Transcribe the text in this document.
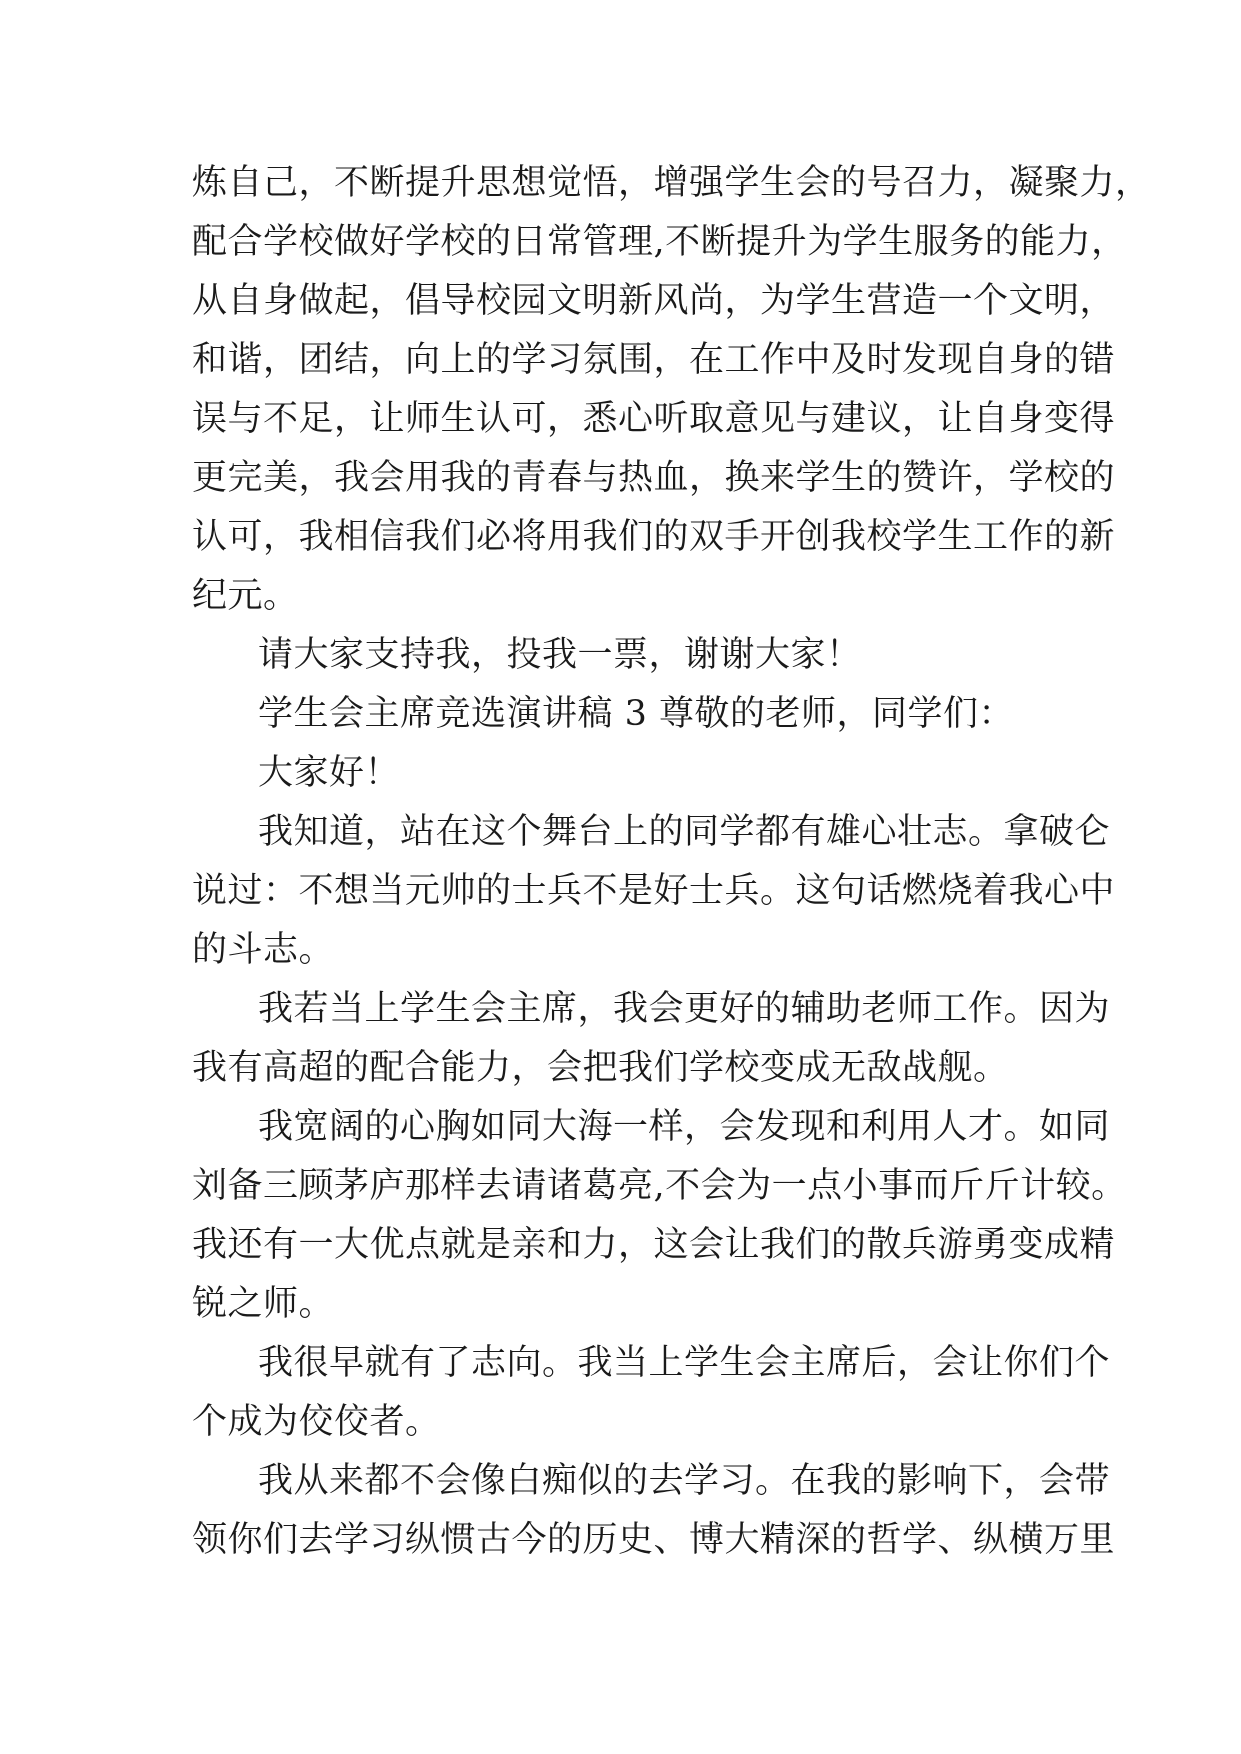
炼自己，不断提升思想觉悟，增强学生会的号召力，凝聚力，
配合学校做好学校的日常管理,不断提升为学生服务的能力，
从自身做起，倡导校园文明新风尚，为学生营造一个文明，
和谐，团结，向上的学习氛围，在工作中及时发现自身的错
误与不足，让师生认可，悉心听取意见与建议，让自身变得
更完美，我会用我的青春与热血，换来学生的赞许，学校的
认可，我相信我们必将用我们的双手开创我校学生工作的新
纪元。
请大家支持我，投我一票，谢谢大家！
学生会主席竞选演讲稿 3 尊敬的老师，同学们：
大家好！
我知道，站在这个舞台上的同学都有雄心壮志。拿破仑
说过：不想当元帅的士兵不是好士兵。这句话燃烧着我心中
的斗志。
我若当上学生会主席，我会更好的辅助老师工作。因为
我有高超的配合能力，会把我们学校变成无敌战舰。
我宽阔的心胸如同大海一样，会发现和利用人才。如同
刘备三顾茅庐那样去请诸葛亮,不会为一点小事而斤斤计较。
我还有一大优点就是亲和力，这会让我们的散兵游勇变成精
锐之师。
我很早就有了志向。我当上学生会主席后，会让你们个
个成为佼佼者。
我从来都不会像白痴似的去学习。在我的影响下，会带
领你们去学习纵惯古今的历史、博大精深的哲学、纵横万里
